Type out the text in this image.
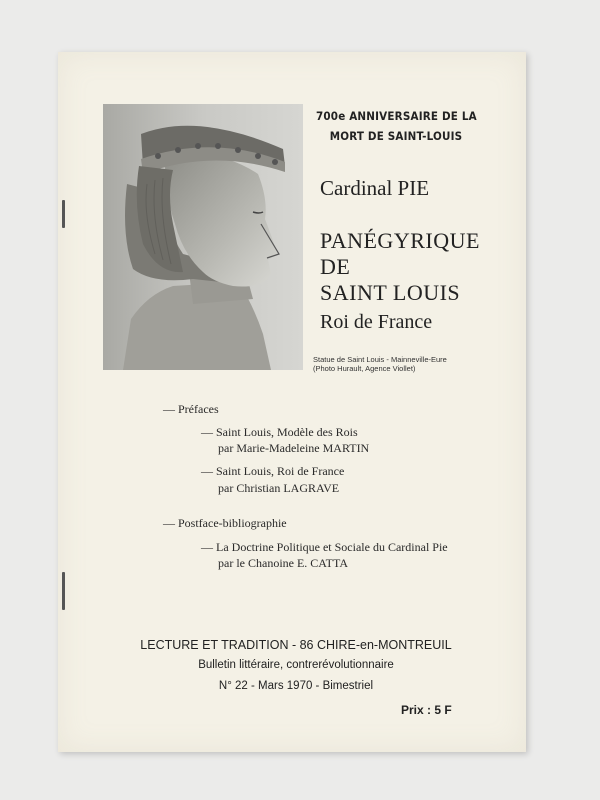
700e ANNIVERSAIRE DE LA
MORT DE SAINT-LOUIS
Cardinal PIE
PANÉGYRIQUE
DE
SAINT LOUIS
Roi de France
Statue de Saint Louis - Mainneville-Eure
(Photo Hurault, Agence Viollet)
— Préfaces
— Saint Louis, Modèle des Rois
par Marie-Madeleine MARTIN
— Saint Louis, Roi de France
par Christian LAGRAVE
— Postface-bibliographie
— La Doctrine Politique et Sociale du Cardinal Pie
par le Chanoine E. CATTA
LECTURE ET TRADITION - 86 CHIRE-en-MONTREUIL
Bulletin littéraire, contrerévolutionnaire
N° 22 - Mars 1970 - Bimestriel
Prix : 5 F
